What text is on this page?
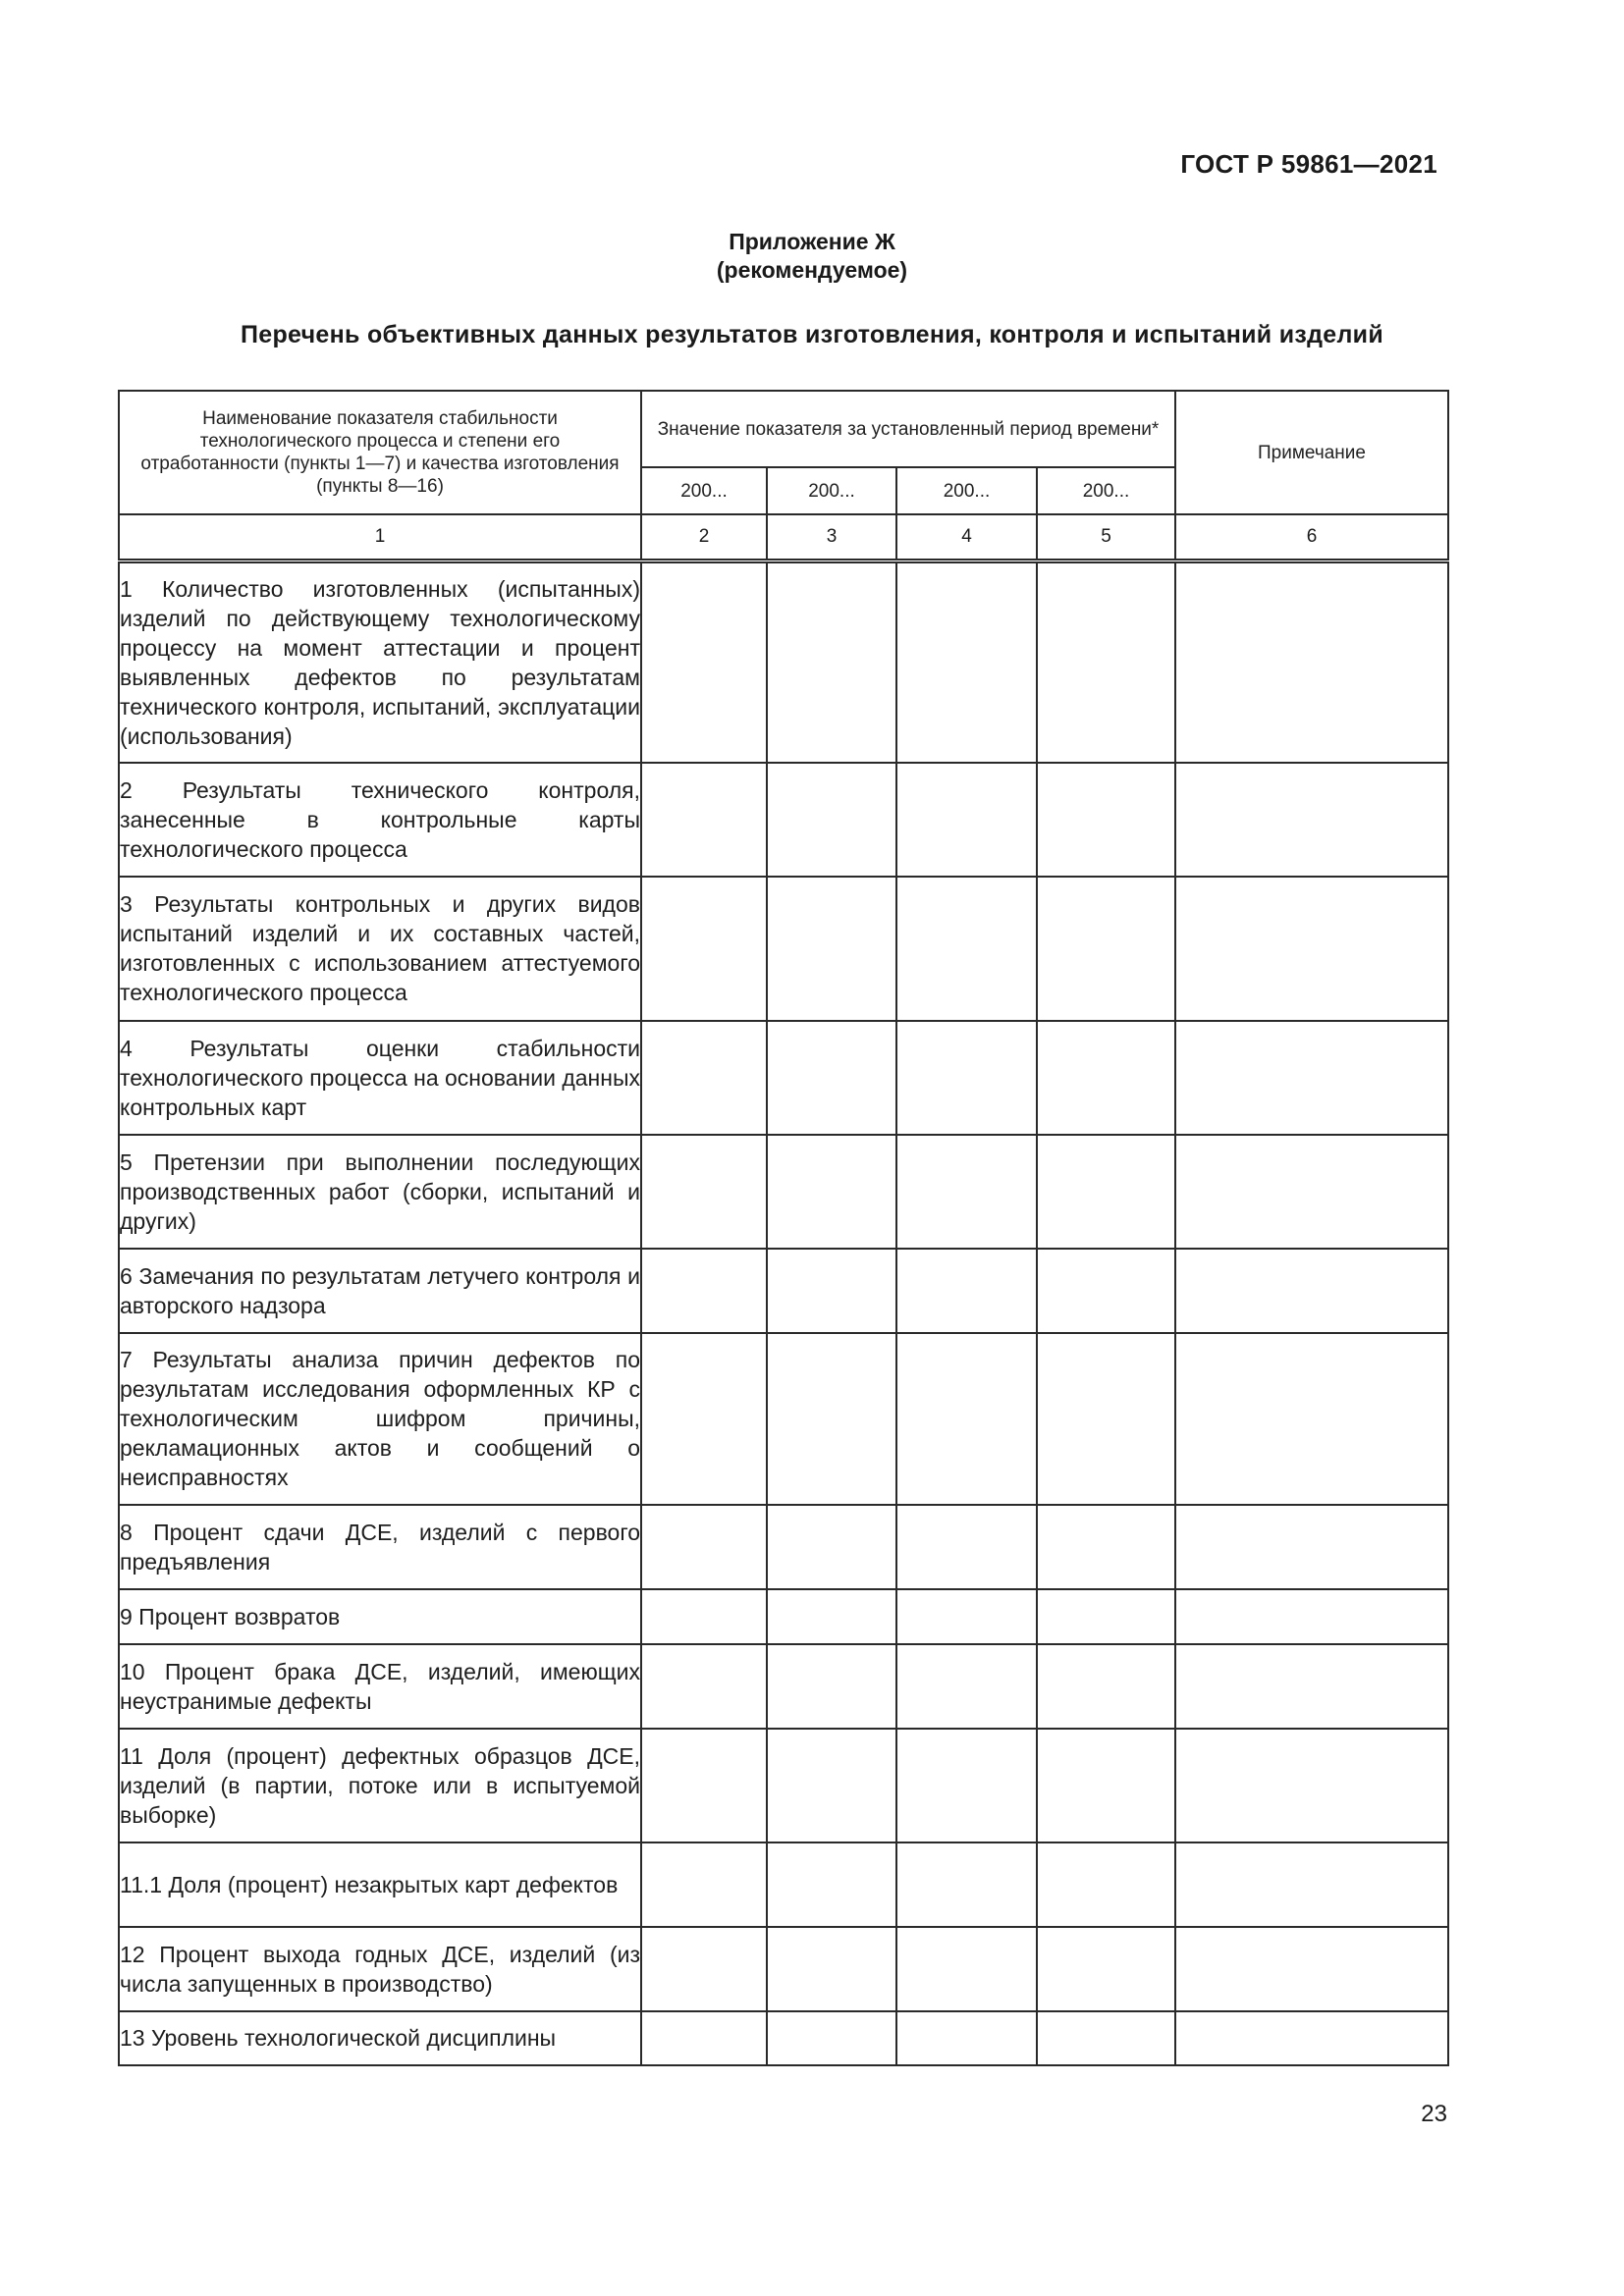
ГОСТ Р 59861—2021
Приложение Ж
(рекомендуемое)
Перечень объективных данных результатов изготовления, контроля и испытаний изделий
Наименование показателя стабильности технологического процесса и степени его отработанности (пункты 1—7) и качества изготовления (пункты 8—16)	Значение показателя за установленный период времени*				Примечание
	200...	200...	200...	200...	
1	2	3	4	5	6
1 Количество изготовленных (испытанных) изделий по действующему технологическому процессу на момент аттестации и процент выявленных дефектов по результатам технического контроля, испытаний, эксплуатации (использования)					
2 Результаты технического контроля, занесенные в контрольные карты технологического процесса					
3 Результаты контрольных и других видов испытаний изделий и их составных частей, изготовленных с использованием аттестуемого технологического процесса					
4 Результаты оценки стабильности технологического процесса на основании данных контрольных карт					
5 Претензии при выполнении последующих производственных работ (сборки, испытаний и других)					
6 Замечания по результатам летучего контроля и авторского надзора					
7 Результаты анализа причин дефектов по результатам исследования оформленных КР с технологическим шифром причины, рекламационных актов и сообщений о неисправностях					
8 Процент сдачи ДСЕ, изделий с первого предъявления					
9 Процент возвратов					
10 Процент брака ДСЕ, изделий, имеющих неустранимые дефекты					
11 Доля (процент) дефектных образцов ДСЕ, изделий (в партии, потоке или в испытуемой выборке)					
11.1 Доля (процент) незакрытых карт дефектов					
12 Процент выхода годных ДСЕ, изделий (из числа запущенных в производство)					
13 Уровень технологической дисциплины					
23
